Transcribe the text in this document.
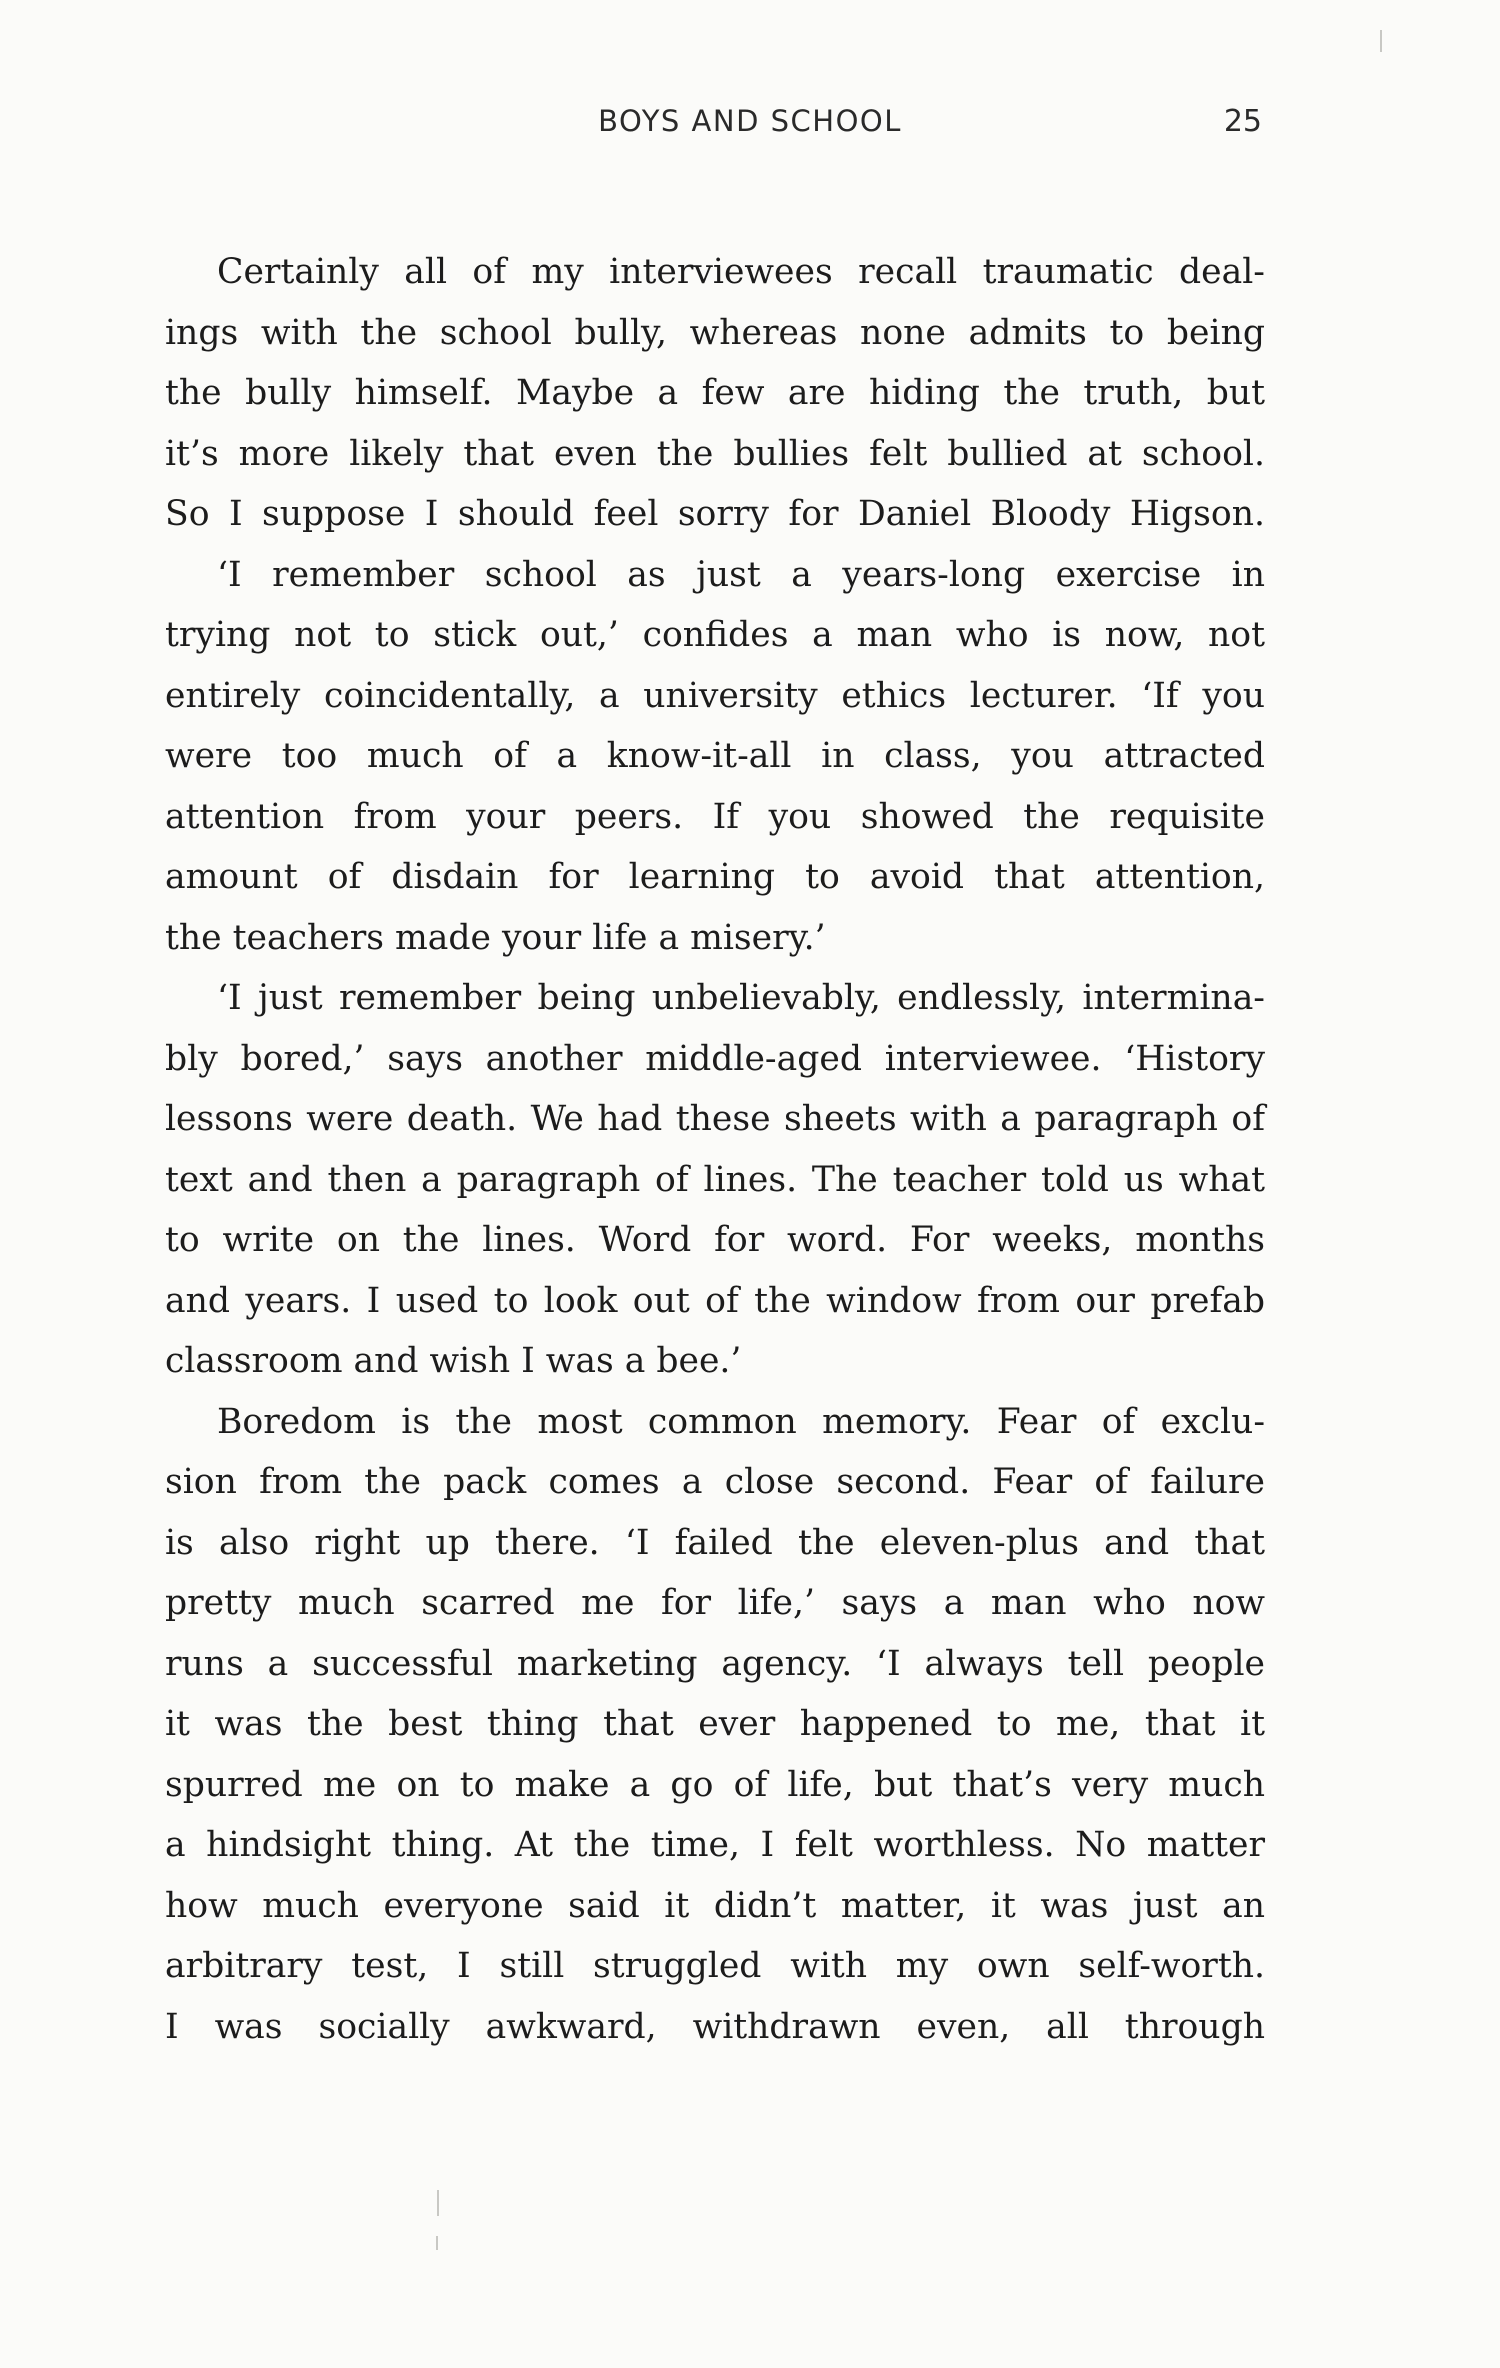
BOYS AND SCHOOL	25
Certainly all of my interviewees recall traumatic deal-
ings with the school bully, whereas none admits to being
the bully himself. Maybe a few are hiding the truth, but
it’s more likely that even the bullies felt bullied at school.
So I suppose I should feel sorry for Daniel Bloody Higson.
‘I remember school as just a years-long exercise in
trying not to stick out,’ confides a man who is now, not
entirely coincidentally, a university ethics lecturer. ‘If you
were too much of a know-it-all in class, you attracted
attention from your peers. If you showed the requisite
amount of disdain for learning to avoid that attention,
the teachers made your life a misery.’
‘I just remember being unbelievably, endlessly, intermina-
bly bored,’ says another middle-aged interviewee. ‘History
lessons were death. We had these sheets with a paragraph of
text and then a paragraph of lines. The teacher told us what
to write on the lines. Word for word. For weeks, months
and years. I used to look out of the window from our prefab
classroom and wish I was a bee.’
Boredom is the most common memory. Fear of exclu-
sion from the pack comes a close second. Fear of failure
is also right up there. ‘I failed the eleven-plus and that
pretty much scarred me for life,’ says a man who now
runs a successful marketing agency. ‘I always tell people
it was the best thing that ever happened to me, that it
spurred me on to make a go of life, but that’s very much
a hindsight thing. At the time, I felt worthless. No matter
how much everyone said it didn’t matter, it was just an
arbitrary test, I still struggled with my own self-worth.
I was socially awkward, withdrawn even, all through
